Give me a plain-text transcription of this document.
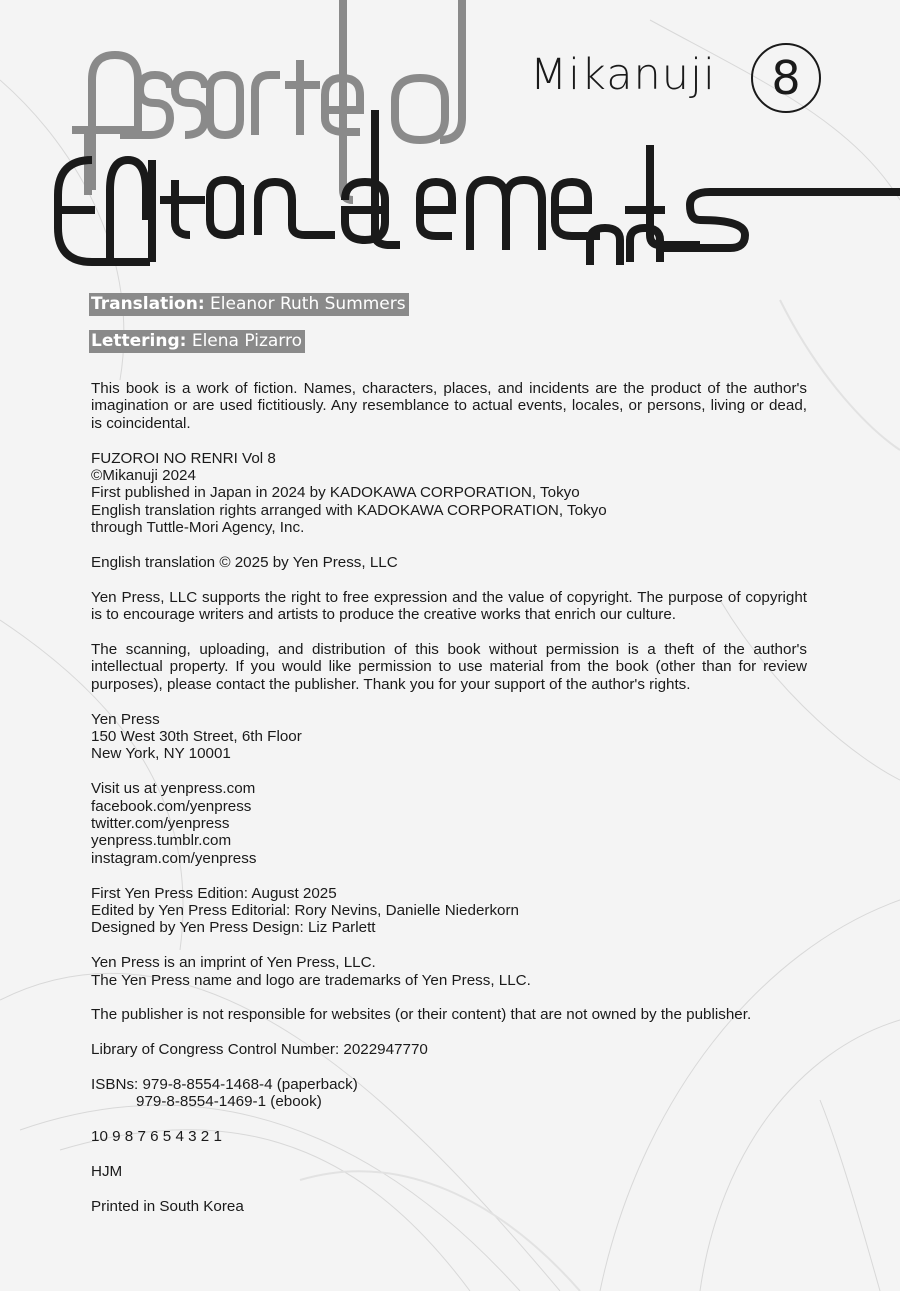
Mikanuji	8
Translation: Eleanor Ruth Summers
Lettering: Elena Pizarro

This book is a work of fiction. Names, characters, places, and incidents are the product of the author's imagination or are used fictitiously. Any resemblance to actual events, locales, or persons, living or dead, is coincidental.

FUZOROI NO RENRI Vol 8
©Mikanuji 2024
First published in Japan in 2024 by KADOKAWA CORPORATION, Tokyo
English translation rights arranged with KADOKAWA CORPORATION, Tokyo
through Tuttle-Mori Agency, Inc.

English translation © 2025 by Yen Press, LLC

Yen Press, LLC supports the right to free expression and the value of copyright. The purpose of copyright is to encourage writers and artists to produce the creative works that enrich our culture.

The scanning, uploading, and distribution of this book without permission is a theft of the author's intellectual property. If you would like permission to use material from the book (other than for review purposes), please contact the publisher. Thank you for your support of the author's rights.

Yen Press
150 West 30th Street, 6th Floor
New York, NY 10001

Visit us at yenpress.com
facebook.com/yenpress
twitter.com/yenpress
yenpress.tumblr.com
instagram.com/yenpress

First Yen Press Edition: August 2025
Edited by Yen Press Editorial: Rory Nevins, Danielle Niederkorn
Designed by Yen Press Design: Liz Parlett

Yen Press is an imprint of Yen Press, LLC.
The Yen Press name and logo are trademarks of Yen Press, LLC.

The publisher is not responsible for websites (or their content) that are not owned by the publisher.

Library of Congress Control Number: 2022947770

ISBNs: 979-8-8554-1468-4 (paperback)
979-8-8554-1469-1 (ebook)

10 9 8 7 6 5 4 3 2 1

HJM

Printed in South Korea
